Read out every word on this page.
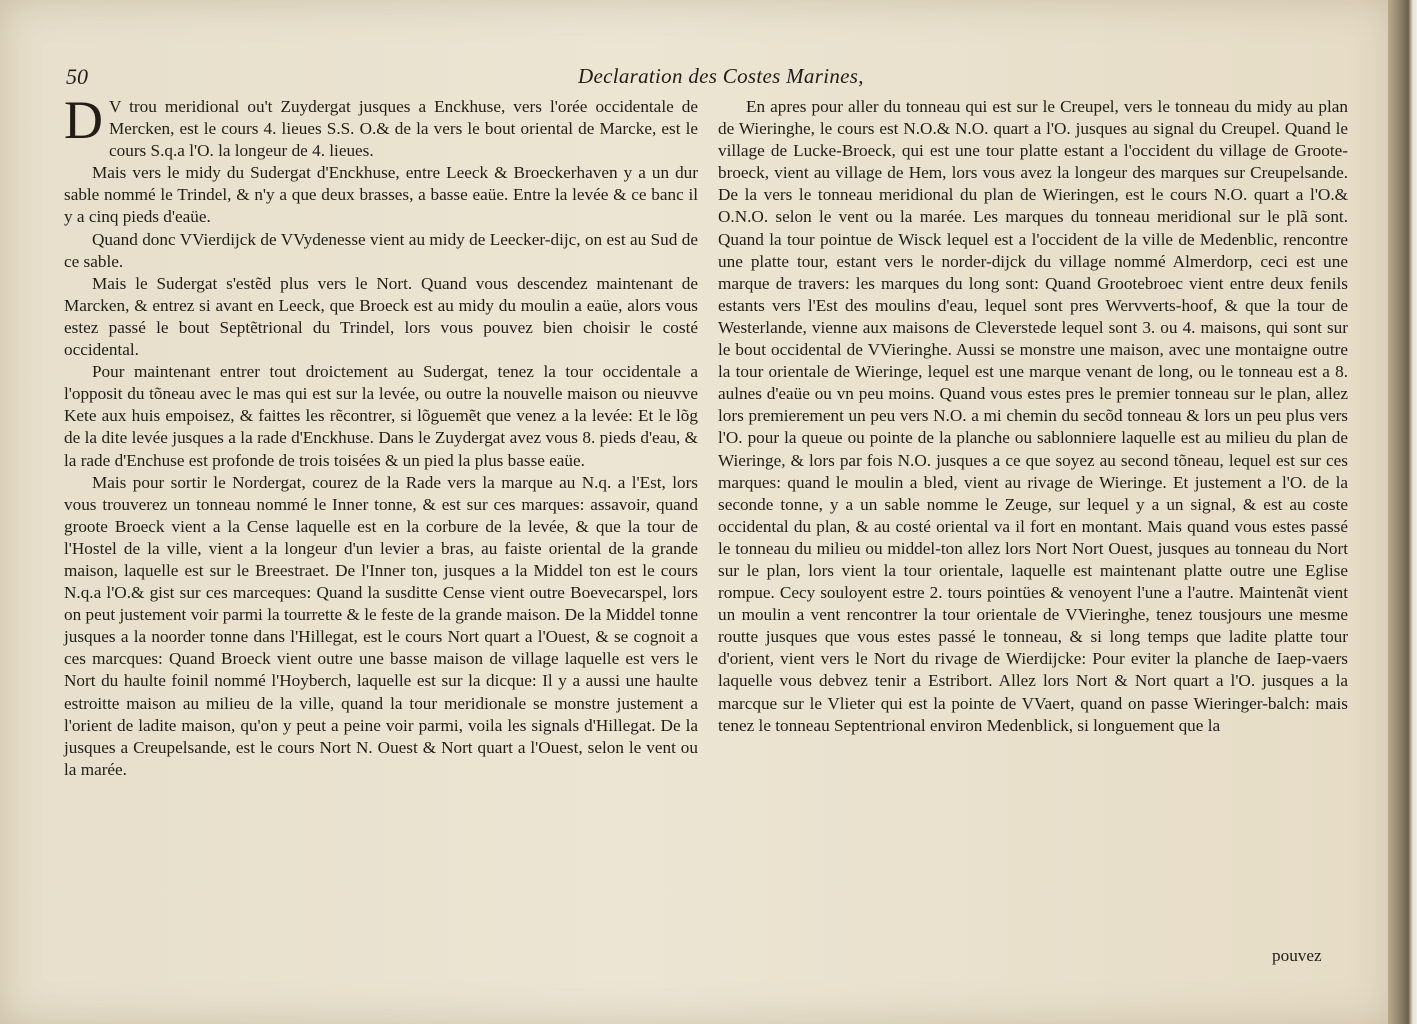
50	Declaration des Costes Marines,

D V trou meridional ou't Zuydergat jusques a Enckhuse, vers l'orée occidentale de Mercken, est le cours 4. lieues S.S. O.& de la vers le bout oriental de Marcke, est le cours S.q.a l'O. la longeur de 4. lieues.

Mais vers le midy du Sudergat d'Enckhuse, entre Leeck & Broeckerhaven y a un dur sable nommé le Trindel, & n'y a que deux brasses, a basse eaüe. Entre la levée & ce banc il y a cinq pieds d'eaüe.

Quand donc VVierdijck de VVydenesse vient au midy de Leecker-dijc, on est au Sud de ce sable.

Mais le Sudergat s'estẽd plus vers le Nort. Quand vous descendez maintenant de Marcken, & entrez si avant en Leeck, que Broeck est au midy du moulin a eaüe, alors vous estez passé le bout Septẽtrional du Trindel, lors vous pouvez bien choisir le costé occidental.

Pour maintenant entrer tout droictement au Sudergat, tenez la tour occidentale a l'opposit du tõneau avec le mas qui est sur la levée, ou outre la nouvelle maison ou nieuvve Kete aux huis empoisez, & faittes les rẽcontrer, si lõguemẽt que venez a la levée: Et le lõg de la dite levée jusques a la rade d'Enckhuse. Dans le Zuydergat avez vous 8. pieds d'eau, & la rade d'Enchuse est profonde de trois toisées & un pied la plus basse eaüe.

Mais pour sortir le Nordergat, courez de la Rade vers la marque au N.q. a l'Est, lors vous trouverez un tonneau nommé le Inner tonne, & est sur ces marques: assavoir, quand groote Broeck vient a la Cense laquelle est en la corbure de la levée, & que la tour de l'Hostel de la ville, vient a la longeur d'un levier a bras, au faiste oriental de la grande maison, laquelle est sur le Breestraet. De l'Inner ton, jusques a la Middel ton est le cours N.q.a l'O.& gist sur ces marceques: Quand la susditte Cense vient outre Boevecarspel, lors on peut justement voir parmi la tourrette & le feste de la grande maison. De la Middel tonne jusques a la noorder tonne dans l'Hillegat, est le cours Nort quart a l'Ouest, & se cognoit a ces marcques: Quand Broeck vient outre une basse maison de village laquelle est vers le Nort du haulte foinil nommé l'Hoyberch, laquelle est sur la dicque: Il y a aussi une haulte estroitte maison au milieu de la ville, quand la tour meridionale se monstre justement a l'orient de ladite maison, qu'on y peut a peine voir parmi, voila les signals d'Hillegat. De la jusques a Creupelsande, est le cours Nort N. Ouest & Nort quart a l'Ouest, selon le vent ou la marée.

En apres pour aller du tonneau qui est sur le Creupel, vers le tonneau du midy au plan de Wieringhe, le cours est N.O.& N.O. quart a l'O. jusques au signal du Creupel. Quand le village de Lucke-Broeck, qui est une tour platte estant a l'occident du village de Groote-broeck, vient au village de Hem, lors vous avez la longeur des marques sur Creupelsande. De la vers le tonneau meridional du plan de Wieringen, est le cours N.O. quart a l'O.& O.N.O. selon le vent ou la marée. Les marques du tonneau meridional sur le plã sont. Quand la tour pointue de Wisck lequel est a l'occident de la ville de Medenblic, rencontre une platte tour, estant vers le norder-dijck du village nommé Almerdorp, ceci est une marque de travers: les marques du long sont: Quand Grootebroec vient entre deux fenils estants vers l'Est des moulins d'eau, lequel sont pres Wervverts-hoof, & que la tour de Westerlande, vienne aux maisons de Cleverstede lequel sont 3. ou 4. maisons, qui sont sur le bout occidental de VVieringhe. Aussi se monstre une maison, avec une montaigne outre la tour orientale de Wieringe, lequel est une marque venant de long, ou le tonneau est a 8. aulnes d'eaüe ou vn peu moins. Quand vous estes pres le premier tonneau sur le plan, allez lors premierement un peu vers N.O. a mi chemin du secõd tonneau & lors un peu plus vers l'O. pour la queue ou pointe de la planche ou sablonniere laquelle est au milieu du plan de Wieringe, & lors par fois N.O. jusques a ce que soyez au second tõneau, lequel est sur ces marques: quand le moulin a bled, vient au rivage de Wieringe. Et justement a l'O. de la seconde tonne, y a un sable nomme le Zeuge, sur lequel y a un signal, & est au coste occidental du plan, & au costé oriental va il fort en montant. Mais quand vous estes passé le tonneau du milieu ou middel-ton allez lors Nort Nort Ouest, jusques au tonneau du Nort sur le plan, lors vient la tour orientale, laquelle est maintenant platte outre une Eglise rompue. Cecy souloyent estre 2. tours pointües & venoyent l'une a l'autre. Maintenãt vient un moulin a vent rencontrer la tour orientale de VVieringhe, tenez tousjours une mesme routte jusques que vous estes passé le tonneau, & si long temps que ladite platte tour d'orient, vient vers le Nort du rivage de Wierdijcke: Pour eviter la planche de Iaep-vaers laquelle vous debvez tenir a Estribort. Allez lors Nort & Nort quart a l'O. jusques a la marcque sur le Vlieter qui est la pointe de VVaert, quand on passe Wieringer-balch: mais tenez le tonneau Septentrional environ Medenblick, si longuement que la

pouvez
